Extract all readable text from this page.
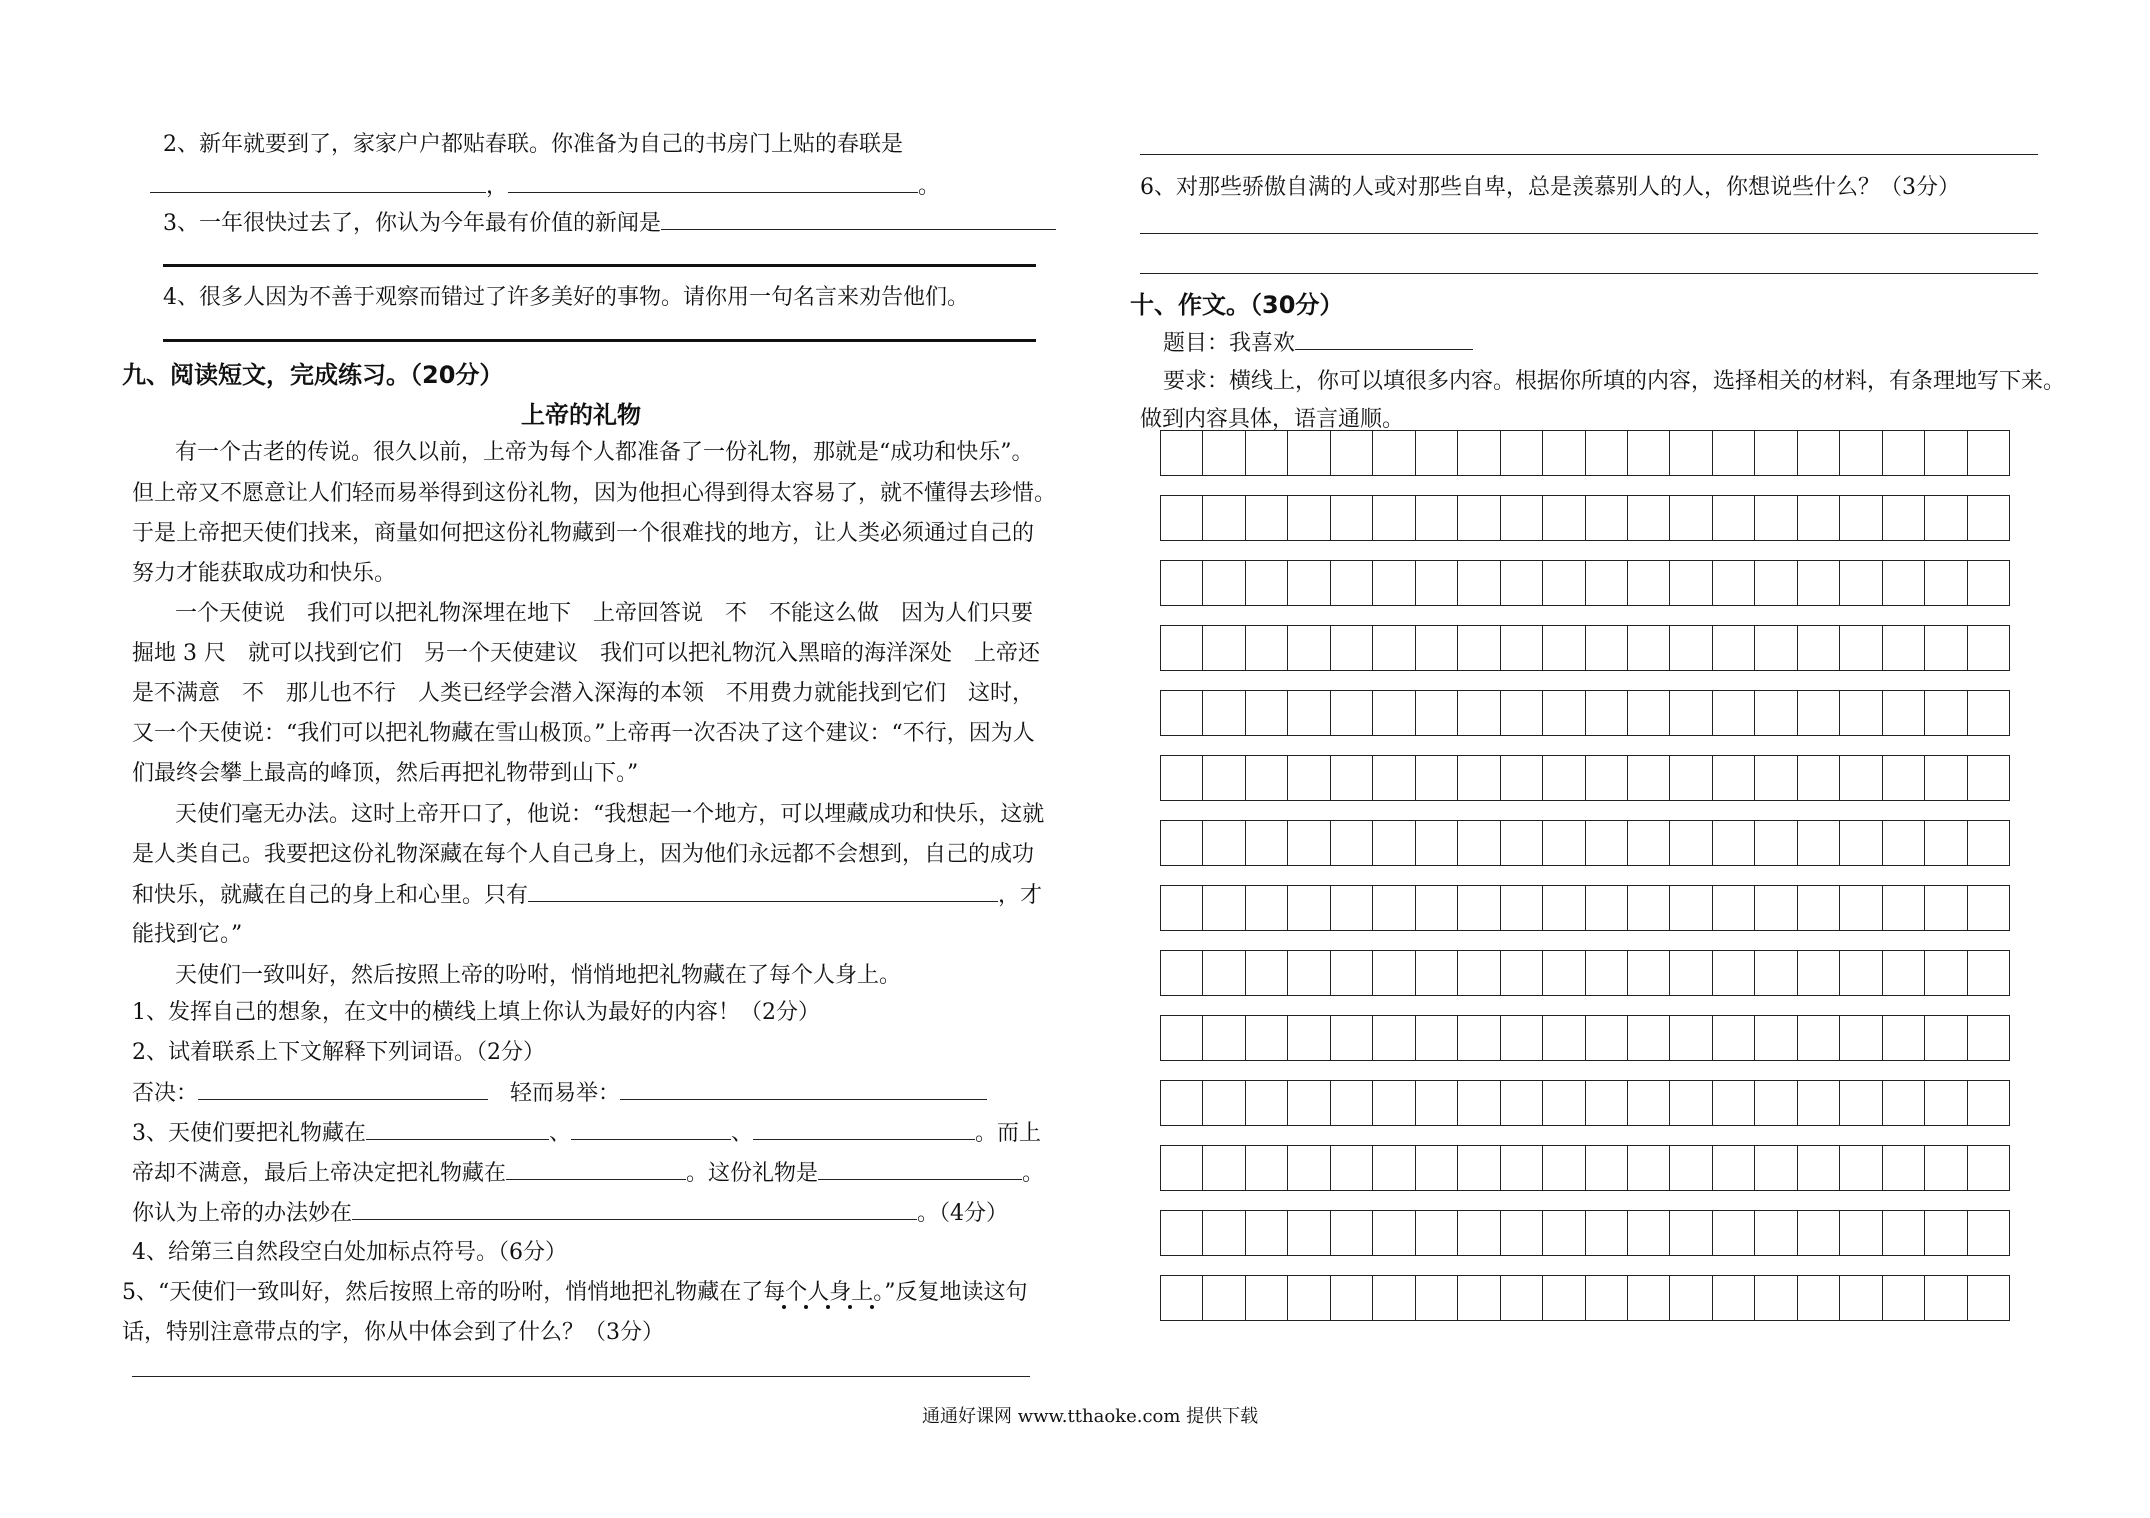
2、新年就要到了，家家户户都贴春联。你准备为自己的书房门上贴的春联是
，	。
3、一年很快过去了，你认为今年最有价值的新闻是
4、很多人因为不善于观察而错过了许多美好的事物。请你用一句名言来劝告他们。
九、阅读短文，完成练习。（20分）
上帝的礼物
有一个古老的传说。很久以前，上帝为每个人都准备了一份礼物，那就是“成功和快乐”。
但上帝又不愿意让人们轻而易举得到这份礼物，因为他担心得到得太容易了，就不懂得去珍惜。
于是上帝把天使们找来，商量如何把这份礼物藏到一个很难找的地方，让人类必须通过自己的
努力才能获取成功和快乐。
一个天使说　我们可以把礼物深埋在地下　上帝回答说　不　不能这么做　因为人们只要
掘地 3 尺　就可以找到它们　另一个天使建议　我们可以把礼物沉入黑暗的海洋深处　上帝还
是不满意　不　那儿也不行　人类已经学会潜入深海的本领　不用费力就能找到它们　这时，
又一个天使说：“我们可以把礼物藏在雪山极顶。”上帝再一次否决了这个建议：“不行，因为人
们最终会攀上最高的峰顶，然后再把礼物带到山下。”
天使们毫无办法。这时上帝开口了，他说：“我想起一个地方，可以埋藏成功和快乐，这就
是人类自己。我要把这份礼物深藏在每个人自己身上，因为他们永远都不会想到，自己的成功
和快乐，就藏在自己的身上和心里。只有	，才
能找到它。”
天使们一致叫好，然后按照上帝的吩咐，悄悄地把礼物藏在了每个人身上。
1、发挥自己的想象，在文中的横线上填上你认为最好的内容！（2分）
2、试着联系上下文解释下列词语。（2分）
否决：	轻而易举：
3、天使们要把礼物藏在	、	、	。而上
帝却不满意，最后上帝决定把礼物藏在	。这份礼物是	。
你认为上帝的办法妙在	。（4分）
4、给第三自然段空白处加标点符号。（6分）
5、“天使们一致叫好，然后按照上帝的吩咐，悄悄地把礼物藏在了每个人身上。”反复地读这句
话，特别注意带点的字，你从中体会到了什么？（3分）
6、对那些骄傲自满的人或对那些自卑，总是羡慕别人的人，你想说些什么？（3分）
十、作文。（30分）
题目：我喜欢
要求：横线上，你可以填很多内容。根据你所填的内容，选择相关的材料，有条理地写下来。
做到内容具体，语言通顺。
通通好课网 www.tthaoke.com 提供下载
